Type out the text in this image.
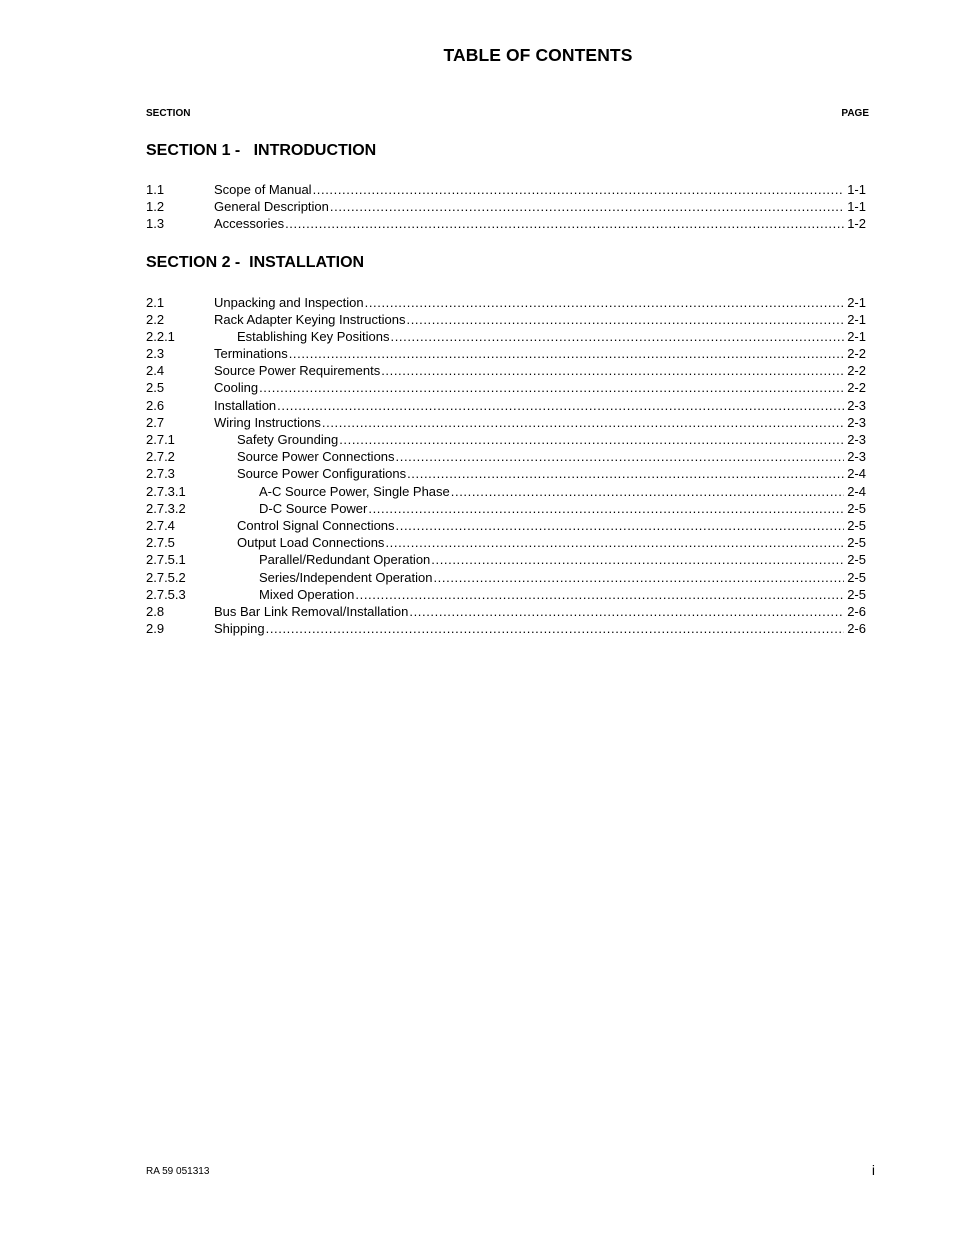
TABLE OF CONTENTS
SECTION	PAGE
SECTION 1 -   INTRODUCTION
1.1	Scope of Manual .....	1-1
1.2	General Description .....	1-1
1.3	Accessories .....	1-2
SECTION 2 -  INSTALLATION
2.1	Unpacking and Inspection .....	2-1
2.2	Rack Adapter Keying Instructions .....	2-1
2.2.1	Establishing Key Positions .....	2-1
2.3	Terminations .....	2-2
2.4	Source Power Requirements .....	2-2
2.5	Cooling .....	2-2
2.6	Installation .....	2-3
2.7	Wiring Instructions .....	2-3
2.7.1	Safety Grounding .....	2-3
2.7.2	Source Power Connections .....	2-3
2.7.3	Source Power Configurations .....	2-4
2.7.3.1	A-C Source Power, Single Phase .....	2-4
2.7.3.2	D-C Source Power .....	2-5
2.7.4	Control Signal Connections .....	2-5
2.7.5	Output Load Connections .....	2-5
2.7.5.1	Parallel/Redundant Operation .....	2-5
2.7.5.2	Series/Independent Operation .....	2-5
2.7.5.3	Mixed Operation .....	2-5
2.8	Bus Bar Link Removal/Installation .....	2-6
2.9	Shipping .....	2-6
RA 59 051313	i
